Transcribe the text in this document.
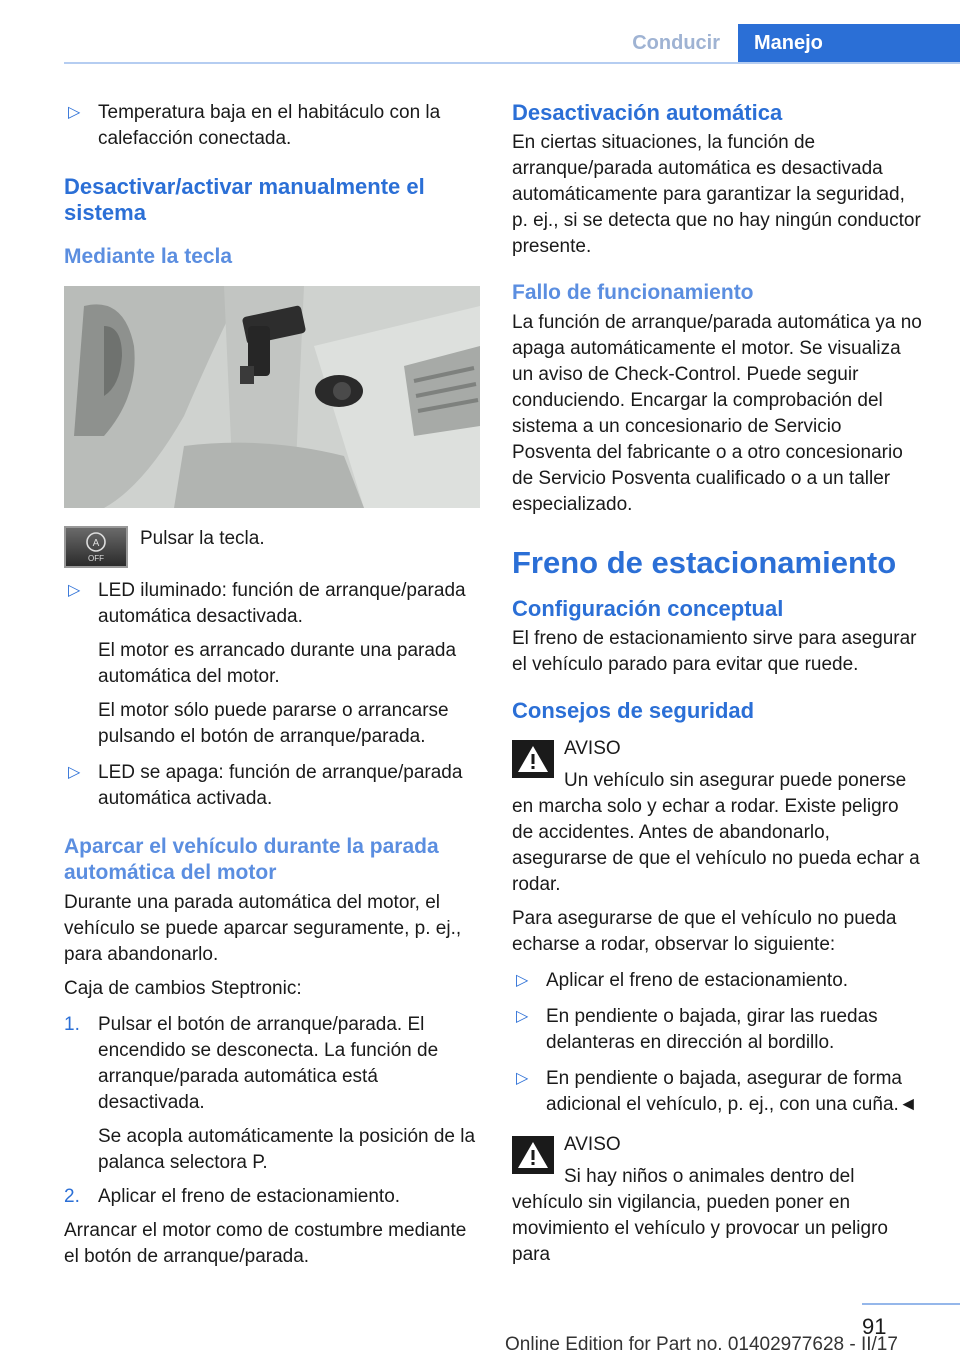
Conducir	Manejo
▷ Temperatura baja en el habitáculo con la calefacción conectada.

Desactivar/activar manualmente el sistema

Mediante la tecla

A
OFF

Pulsar la tecla.

▷ LED iluminado: función de arranque/parada automática desactivada.

El motor es arrancado durante una parada automática del motor.

El motor sólo puede pararse o arrancarse pulsando el botón de arranque/parada.

▷ LED se apaga: función de arranque/parada automática activada.

Aparcar el vehículo durante la parada automática del motor

Durante una parada automática del motor, el vehículo se puede aparcar seguramente, p. ej., para abandonarlo.

Caja de cambios Steptronic:

1. Pulsar el botón de arranque/parada. El encendido se desconecta. La función de arranque/parada automática está desactivada.

Se acopla automáticamente la posición de la palanca selectora P.

2. Aplicar el freno de estacionamiento.

Arrancar el motor como de costumbre mediante el botón de arranque/parada.

Desactivación automática

En ciertas situaciones, la función de arranque/parada automática es desactivada automáticamente para garantizar la seguridad, p. ej., si se detecta que no hay ningún conductor presente.

Fallo de funcionamiento

La función de arranque/parada automática ya no apaga automáticamente el motor. Se visualiza un aviso de Check-Control. Puede seguir conduciendo. Encargar la comprobación del sistema a un concesionario de Servicio Posventa del fabricante o a otro concesionario de Servicio Posventa cualificado o a un taller especializado.

Freno de estacionamiento

Configuración conceptual

El freno de estacionamiento sirve para asegurar el vehículo parado para evitar que ruede.

Consejos de seguridad

AVISO

Un vehículo sin asegurar puede ponerse en marcha solo y echar a rodar. Existe peligro de accidentes. Antes de abandonarlo, asegurarse de que el vehículo no pueda echar a rodar.

Para asegurarse de que el vehículo no pueda echarse a rodar, observar lo siguiente:

▷ Aplicar el freno de estacionamiento.
▷ En pendiente o bajada, girar las ruedas delanteras en dirección al bordillo.
▷ En pendiente o bajada, asegurar de forma adicional el vehículo, p. ej., con una cuña.◄

AVISO

Si hay niños o animales dentro del vehículo sin vigilancia, pueden poner en movimiento el vehículo y provocar un peligro para

91
Online Edition for Part no. 01402977628 - II/17
